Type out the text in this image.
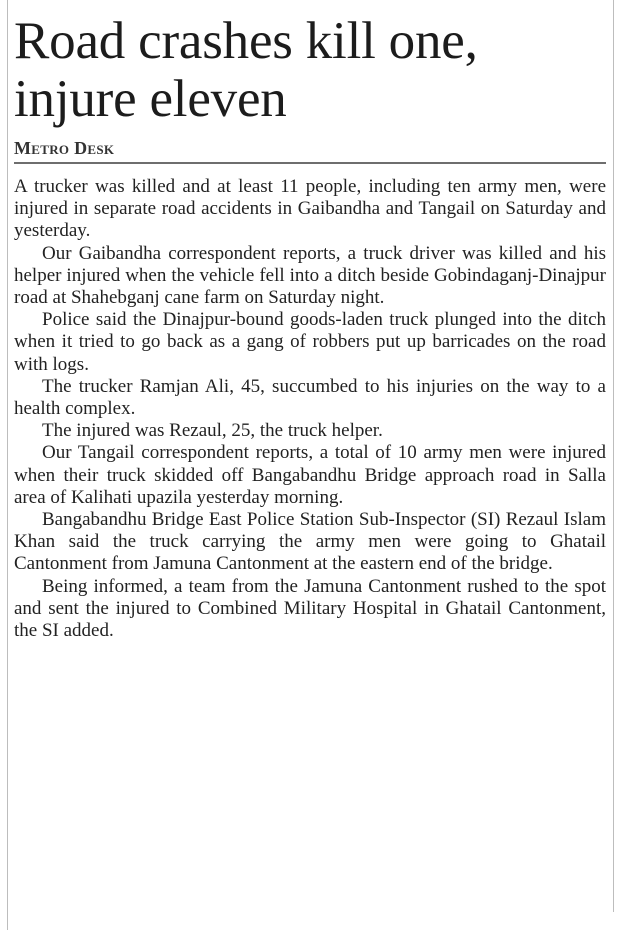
Road crashes kill one, injure eleven
Metro Desk

A trucker was killed and at least 11 people, including ten army men, were injured in separate road accidents in Gaibandha and Tangail on Saturday and yesterday.

Our Gaibandha correspondent reports, a truck driver was killed and his helper injured when the vehicle fell into a ditch beside Gobindaganj-Dinajpur road at Shahebganj cane farm on Saturday night.

Police said the Dinajpur-bound goods-laden truck plunged into the ditch when it tried to go back as a gang of robbers put up barricades on the road with logs.

The trucker Ramjan Ali, 45, succumbed to his injuries on the way to a health complex.

The injured was Rezaul, 25, the truck helper.

Our Tangail correspondent reports, a total of 10 army men were injured when their truck skidded off Bangabandhu Bridge approach road in Salla area of Kalihati upazila yesterday morning.

Bangabandhu Bridge East Police Station Sub-Inspector (SI) Rezaul Islam Khan said the truck carrying the army men were going to Ghatail Cantonment from Jamuna Cantonment at the eastern end of the bridge.

Being informed, a team from the Jamuna Cantonment rushed to the spot and sent the injured to Combined Military Hospital in Ghatail Cantonment, the SI added.
